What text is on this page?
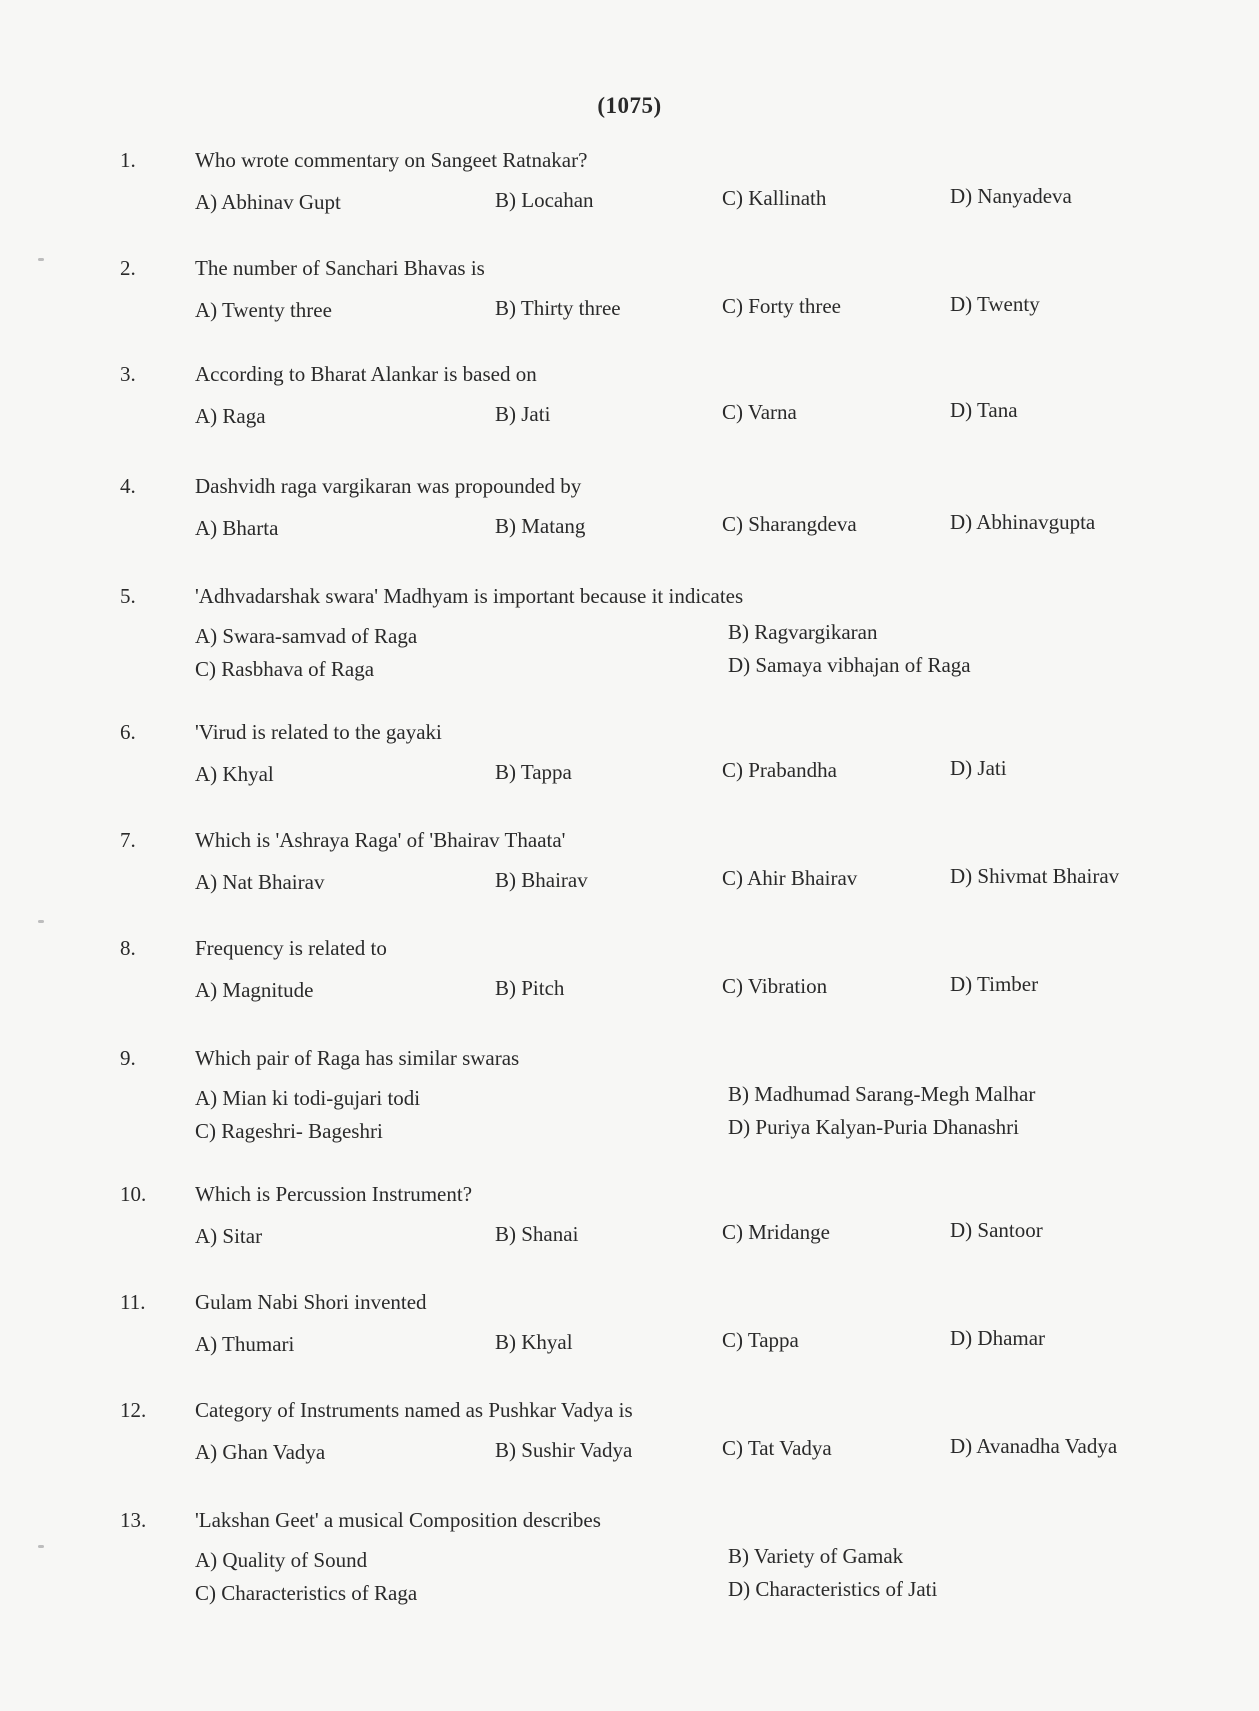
(1075)
1.	Who wrote commentary on Sangeet Ratnakar?
A) Abhinav Gupt	B) Locahan	C) Kallinath	D) Nanyadeva
2.	The number of Sanchari Bhavas is
A) Twenty three	B) Thirty three	C) Forty three	D) Twenty
3.	According to Bharat Alankar is based on
A) Raga	B) Jati	C) Varna	D) Tana
4.	Dashvidh raga vargikaran was propounded by
A) Bharta	B) Matang	C) Sharangdeva	D) Abhinavgupta
5.	'Adhvadarshak swara' Madhyam is important because it indicates
A) Swara-samvad of Raga	B) Ragvargikaran
C) Rasbhava of Raga	D) Samaya vibhajan of Raga
6.	'Virud is related to the gayaki
A) Khyal	B) Tappa	C) Prabandha	D) Jati
7.	Which is 'Ashraya Raga' of 'Bhairav Thaata'
A) Nat Bhairav	B) Bhairav	C) Ahir Bhairav	D) Shivmat Bhairav
8.	Frequency is related to
A) Magnitude	B) Pitch	C) Vibration	D) Timber
9.	Which pair of Raga has similar swaras
A) Mian ki todi-gujari todi	B) Madhumad Sarang-Megh Malhar
C) Rageshri- Bageshri	D) Puriya Kalyan-Puria Dhanashri
10. Which is Percussion Instrument?
A) Sitar	B) Shanai	C) Mridange	D) Santoor
11. Gulam Nabi Shori invented
A) Thumari	B) Khyal	C) Tappa	D) Dhamar
12. Category of Instruments named as Pushkar Vadya is
A) Ghan Vadya	B) Sushir Vadya	C) Tat Vadya	D) Avanadha Vadya
13. 'Lakshan Geet' a musical Composition describes
A) Quality of Sound	B) Variety of Gamak
C) Characteristics of Raga	D) Characteristics of Jati
